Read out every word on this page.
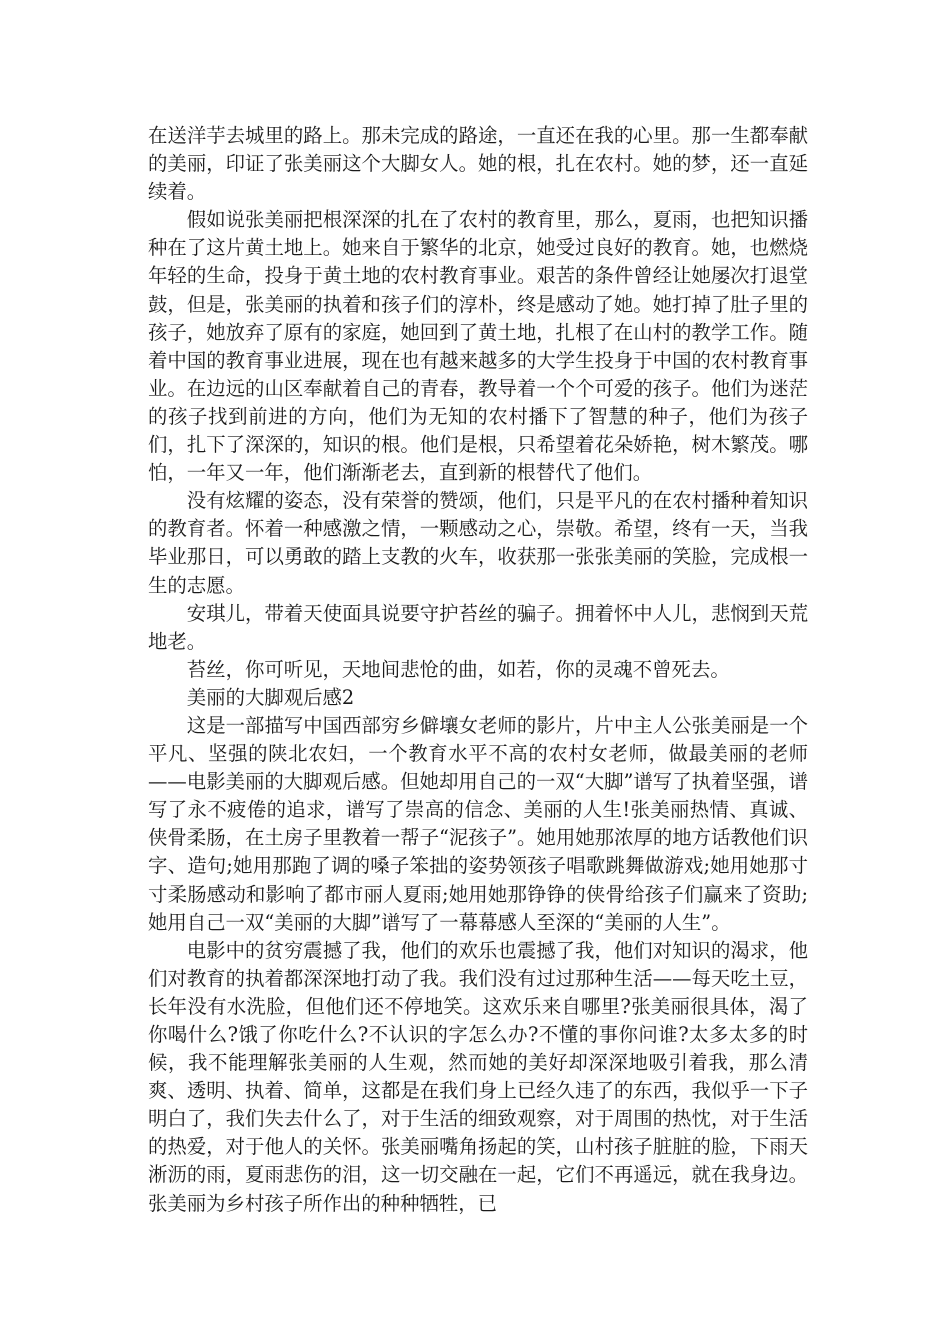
在送洋芋去城里的路上。那未完成的路途，一直还在我的心里。那一生都奉献的美丽，印证了张美丽这个大脚女人。她的根，扎在农村。她的梦，还一直延续着。

假如说张美丽把根深深的扎在了农村的教育里，那么，夏雨，也把知识播种在了这片黄土地上。她来自于繁华的北京，她受过良好的教育。她，也燃烧年轻的生命，投身于黄土地的农村教育事业。艰苦的条件曾经让她屡次打退堂鼓，但是，张美丽的执着和孩子们的淳朴，终是感动了她。她打掉了肚子里的孩子，她放弃了原有的家庭，她回到了黄土地，扎根了在山村的教学工作。随着中国的教育事业进展，现在也有越来越多的大学生投身于中国的农村教育事业。在边远的山区奉献着自己的青春，教导着一个个可爱的孩子。他们为迷茫的孩子找到前进的方向，他们为无知的农村播下了智慧的种子，他们为孩子们，扎下了深深的，知识的根。他们是根，只希望着花朵娇艳，树木繁茂。哪怕，一年又一年，他们渐渐老去，直到新的根替代了他们。

没有炫耀的姿态，没有荣誉的赞颂，他们，只是平凡的在农村播种着知识的教育者。怀着一种感激之情，一颗感动之心，崇敬。希望，终有一天，当我毕业那日，可以勇敢的踏上支教的火车，收获那一张张美丽的笑脸，完成根一生的志愿。

安琪儿，带着天使面具说要守护苔丝的骗子。拥着怀中人儿，悲悯到天荒地老。

苔丝，你可听见，天地间悲怆的曲，如若，你的灵魂不曾死去。

美丽的大脚观后感2

这是一部描写中国西部穷乡僻壤女老师的影片，片中主人公张美丽是一个平凡、坚强的陕北农妇，一个教育水平不高的农村女老师，做最美丽的老师——电影美丽的大脚观后感。但她却用自己的一双“大脚”谱写了执着坚强，谱写了永不疲倦的追求，谱写了崇高的信念、美丽的人生!张美丽热情、真诚、侠骨柔肠，在土房子里教着一帮子“泥孩子”。她用她那浓厚的地方话教他们识字、造句;她用那跑了调的嗓子笨拙的姿势领孩子唱歌跳舞做游戏;她用她那寸寸柔肠感动和影响了都市丽人夏雨;她用她那铮铮的侠骨给孩子们赢来了资助;她用自己一双“美丽的大脚”谱写了一幕幕感人至深的“美丽的人生”。

电影中的贫穷震撼了我，他们的欢乐也震撼了我，他们对知识的渴求，他们对教育的执着都深深地打动了我。我们没有过过那种生活——每天吃土豆，长年没有水洗脸，但他们还不停地笑。这欢乐来自哪里?张美丽很具体，渴了你喝什么?饿了你吃什么?不认识的字怎么办?不懂的事你问谁?太多太多的时候，我不能理解张美丽的人生观，然而她的美好却深深地吸引着我，那么清爽、透明、执着、简单，这都是在我们身上已经久违了的东西，我似乎一下子明白了，我们失去什么了，对于生活的细致观察，对于周围的热忱，对于生活的热爱，对于他人的关怀。张美丽嘴角扬起的笑，山村孩子脏脏的脸，下雨天淅沥的雨，夏雨悲伤的泪，这一切交融在一起，它们不再遥远，就在我身边。张美丽为乡村孩子所作出的种种牺牲，已
